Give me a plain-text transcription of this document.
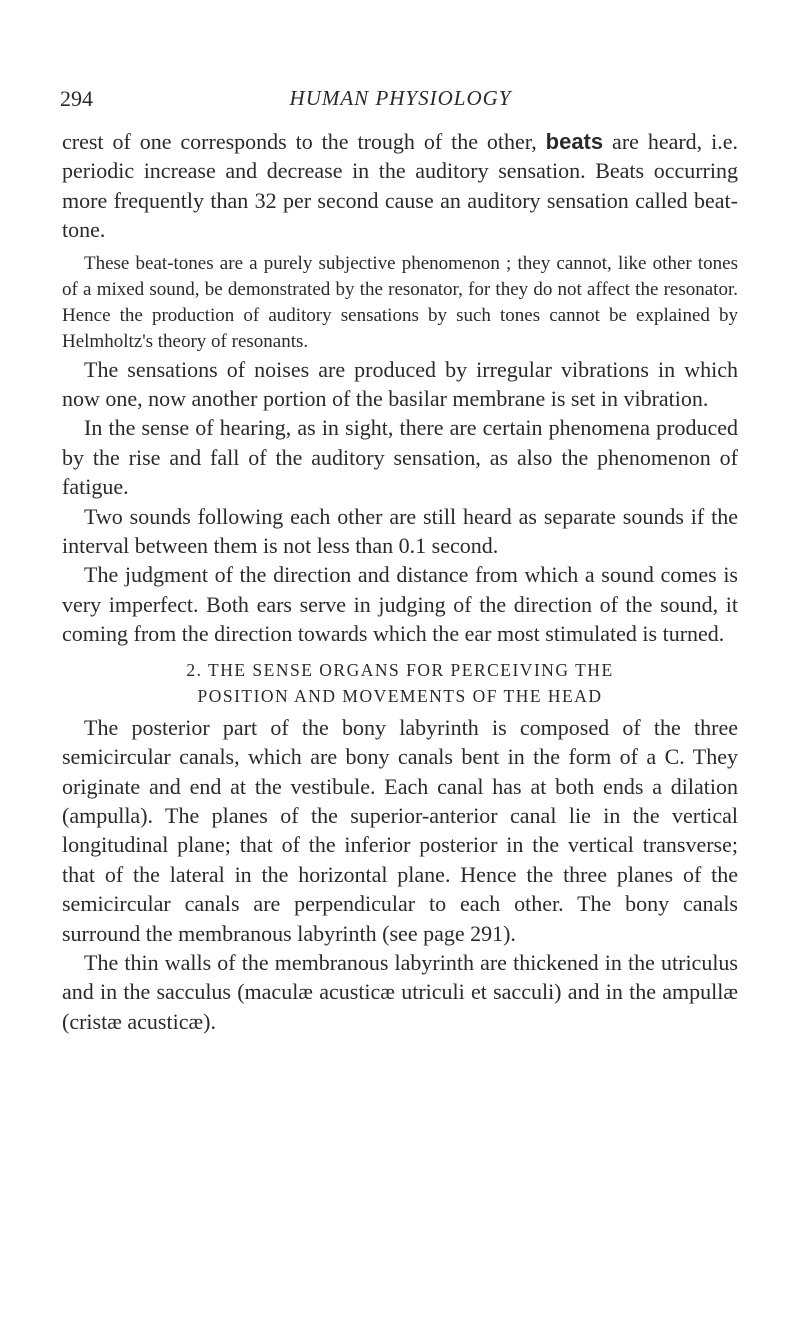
294	HUMAN PHYSIOLOGY

crest of one corresponds to the trough of the other, beats are heard, i.e. periodic increase and decrease in the auditory sensation. Beats occurring more frequently than 32 per second cause an auditory sensation called beat-tone.

These beat-tones are a purely subjective phenomenon ; they cannot, like other tones of a mixed sound, be demonstrated by the resonator, for they do not affect the resonator. Hence the production of auditory sensations by such tones cannot be explained by Helmholtz's theory of resonants.

The sensations of noises are produced by irregular vibrations in which now one, now another portion of the basilar membrane is set in vibration.

In the sense of hearing, as in sight, there are certain phenomena produced by the rise and fall of the auditory sensation, as also the phenomenon of fatigue.

Two sounds following each other are still heard as separate sounds if the interval between them is not less than 0.1 second.

The judgment of the direction and distance from which a sound comes is very imperfect. Both ears serve in judging of the direction of the sound, it coming from the direction towards which the ear most stimulated is turned.

2. THE SENSE ORGANS FOR PERCEIVING THE
POSITION AND MOVEMENTS OF THE HEAD

The posterior part of the bony labyrinth is composed of the three semicircular canals, which are bony canals bent in the form of a C. They originate and end at the vestibule. Each canal has at both ends a dilation (ampulla). The planes of the superior-anterior canal lie in the vertical longitudinal plane; that of the inferior posterior in the vertical transverse; that of the lateral in the horizontal plane. Hence the three planes of the semicircular canals are perpendicular to each other. The bony canals surround the membranous labyrinth (see page 291).

The thin walls of the membranous labyrinth are thickened in the utriculus and in the sacculus (maculæ acusticæ utriculi et sacculi) and in the ampullæ (cristæ acusticæ).
